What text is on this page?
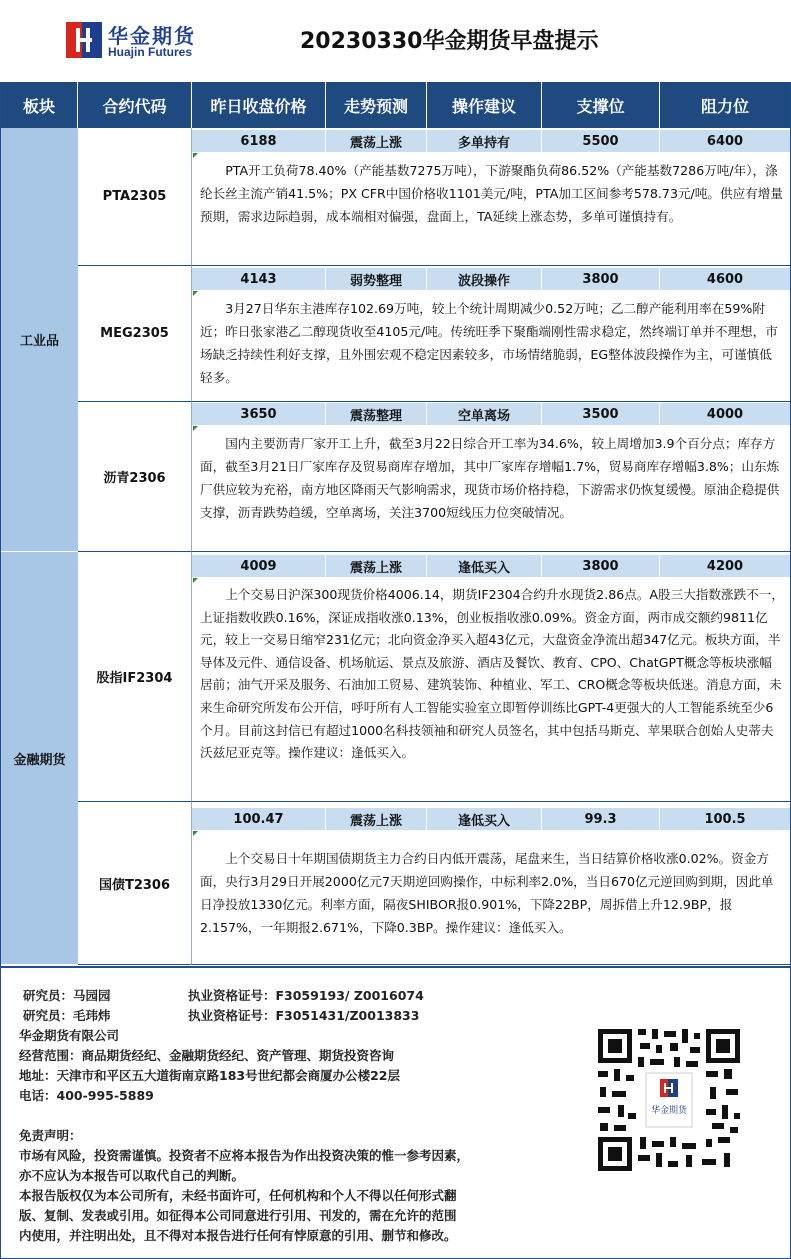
华金期货
Huajin Futures	20230330华金期货早盘提示
板块	合约代码	昨日收盘价格	走势预测	操作建议	支撑位	阻力位
工业品
金融期货
PTA2305
6188	震荡上涨	多单持有	5500	6400
PTA开工负荷78.40%（产能基数7275万吨），下游聚酯负荷86.52%（产能基数7286万吨/年），涤纶长丝主流产销41.5%；PX CFR中国价格收1101美元/吨，PTA加工区间参考578.73元/吨。供应有增量预期，需求边际趋弱，成本端相对偏强，盘面上，TA延续上涨态势，多单可谨慎持有。
MEG2305
4143	弱势整理	波段操作	3800	4600
3月27日华东主港库存102.69万吨，较上个统计周期减少0.52万吨；乙二醇产能利用率在59%附近；昨日张家港乙二醇现货收至4105元/吨。传统旺季下聚酯端刚性需求稳定，然终端订单并不理想，市场缺乏持续性利好支撑，且外围宏观不稳定因素较多，市场情绪脆弱，EG整体波段操作为主，可谨慎低轻多。
沥青2306
3650	震荡整理	空单离场	3500	4000
国内主要沥青厂家开工上升，截至3月22日综合开工率为34.6%，较上周增加3.9个百分点；库存方面，截至3月21日厂家库存及贸易商库存增加，其中厂家库存增幅1.7%，贸易商库存增幅3.8%；山东炼厂供应较为充裕，南方地区降雨天气影响需求，现货市场价格持稳，下游需求仍恢复缓慢。原油企稳提供支撑，沥青跌势趋缓，空单离场，关注3700短线压力位突破情况。
股指IF2304
4009	震荡上涨	逢低买入	3800	4200
上个交易日沪深300现货价格4006.14，期货IF2304合约升水现货2.86点。A股三大指数涨跌不一，上证指数收跌0.16%，深证成指收涨0.13%，创业板指收涨0.09%。资金方面，两市成交额约9811亿元，较上一交易日缩窄231亿元；北向资金净买入超43亿元，大盘资金净流出超347亿元。板块方面，半导体及元件、通信设备、机场航运、景点及旅游、酒店及餐饮、教育、CPO、ChatGPT概念等板块涨幅居前；油气开采及服务、石油加工贸易、建筑装饰、种植业、军工、CRO概念等板块低迷。消息方面，未来生命研究所发布公开信，呼吁所有人工智能实验室立即暂停训练比GPT-4更强大的人工智能系统至少6个月。目前这封信已有超过1000名科技领袖和研究人员签名，其中包括马斯克、苹果联合创始人史蒂夫沃兹尼亚克等。操作建议：逢低买入。
国债T2306
100.47	震荡上涨	逢低买入	99.3	100.5
上个交易日十年期国债期货主力合约日内低开震荡，尾盘来生，当日结算价格收涨0.02%。资金方面，央行3月29日开展2000亿元7天期逆回购操作，中标利率2.0%，当日670亿元逆回购到期，因此单日净投放1330亿元。利率方面，隔夜SHIBOR报0.901%，下降22BP，周拆借上升12.9BP，报2.157%，一年期报2.671%，下降0.3BP。操作建议：逢低买入。
研究员：马园园	执业资格证号：F3059193/ Z0016074
研究员：毛玮炜	执业资格证号：F3051431/Z0013833
华金期货有限公司
经营范围：商品期货经纪、金融期货经纪、资产管理、期货投资咨询
地址：天津市和平区五大道街南京路183号世纪都会商厦办公楼22层
电话：400-995-5889
免责声明：
市场有风险，投资需谨慎。投资者不应将本报告为作出投资决策的惟一参考因素，
亦不应认为本报告可以取代自己的判断。
本报告版权仅为本公司所有，未经书面许可，任何机构和个人不得以任何形式翻
版、复制、发表或引用。如征得本公司同意进行引用、刊发的，需在允许的范围
内使用，并注明出处，且不得对本报告进行任何有悖原意的引用、删节和修改。
华金期货
